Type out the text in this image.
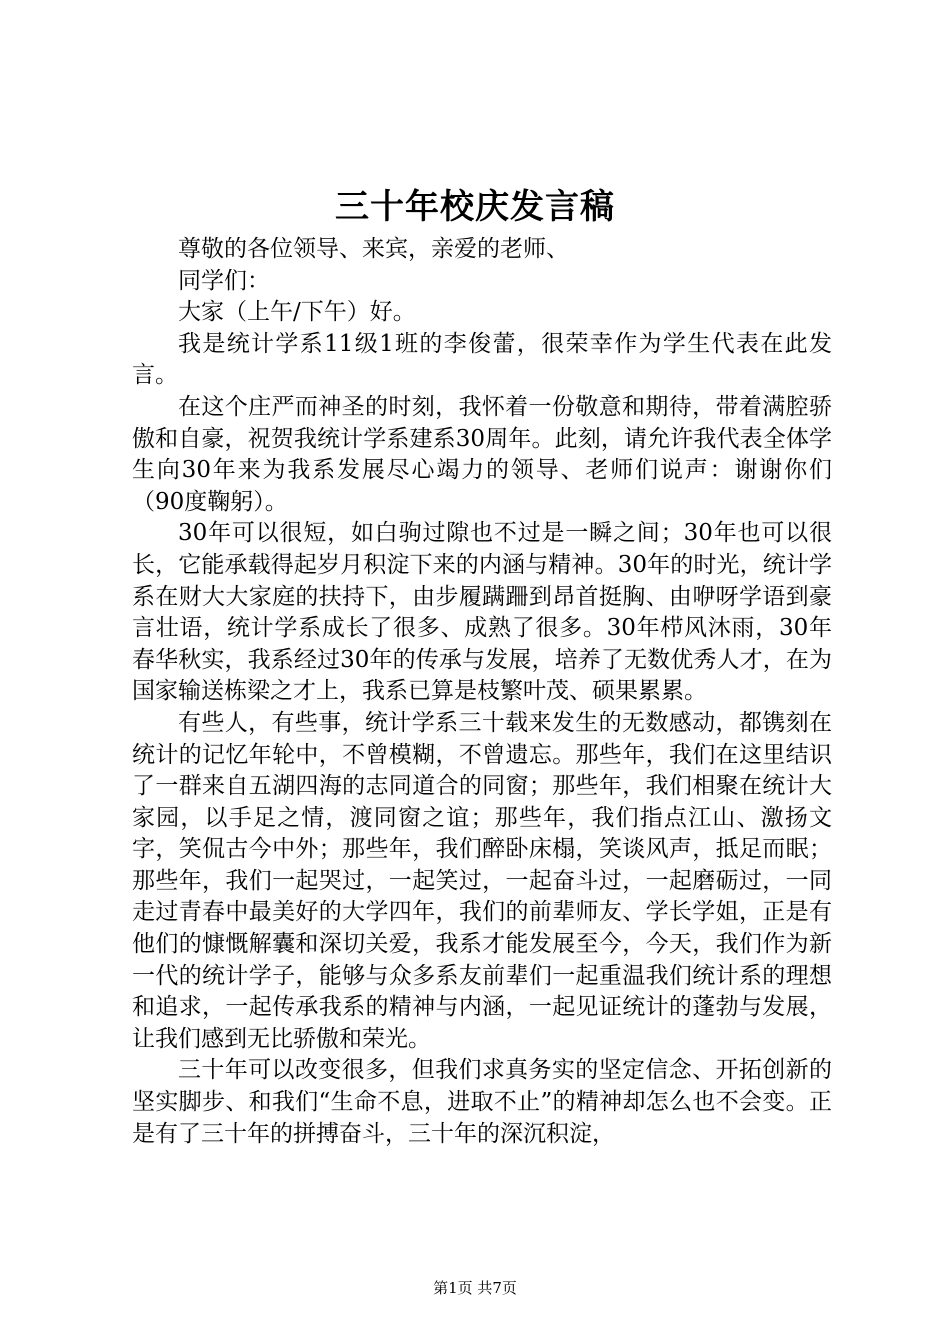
三十年校庆发言稿

尊敬的各位领导、来宾，亲爱的老师、

同学们：

大家（上午/下午）好。

我是统计学系11级1班的李俊蕾，很荣幸作为学生代表在此发言。

在这个庄严而神圣的时刻，我怀着一份敬意和期待，带着满腔骄傲和自豪，祝贺我统计学系建系30周年。此刻，请允许我代表全体学生向30年来为我系发展尽心竭力的领导、老师们说声：谢谢你们（90度鞠躬）。

30年可以很短，如白驹过隙也不过是一瞬之间；30年也可以很长，它能承载得起岁月积淀下来的内涵与精神。30年的时光，统计学系在财大大家庭的扶持下，由步履蹒跚到昂首挺胸、由咿呀学语到豪言壮语，统计学系成长了很多、成熟了很多。30年栉风沐雨，30年春华秋实，我系经过30年的传承与发展，培养了无数优秀人才，在为国家输送栋梁之才上，我系已算是枝繁叶茂、硕果累累。

有些人，有些事，统计学系三十载来发生的无数感动，都镌刻在统计的记忆年轮中，不曾模糊，不曾遗忘。那些年，我们在这里结识了一群来自五湖四海的志同道合的同窗；那些年，我们相聚在统计大家园，以手足之情，渡同窗之谊；那些年，我们指点江山、激扬文字，笑侃古今中外；那些年，我们醉卧床榻，笑谈风声，抵足而眠；那些年，我们一起哭过，一起笑过，一起奋斗过，一起磨砺过，一同走过青春中最美好的大学四年，我们的前辈师友、学长学姐，正是有他们的慷慨解囊和深切关爱，我系才能发展至今，今天，我们作为新一代的统计学子，能够与众多系友前辈们一起重温我们统计系的理想和追求，一起传承我系的精神与内涵，一起见证统计的蓬勃与发展，让我们感到无比骄傲和荣光。

三十年可以改变很多，但我们求真务实的坚定信念、开拓创新的坚实脚步、和我们“生命不息，进取不止”的精神却怎么也不会变。正是有了三十年的拼搏奋斗，三十年的深沉积淀，

第1页 共7页
